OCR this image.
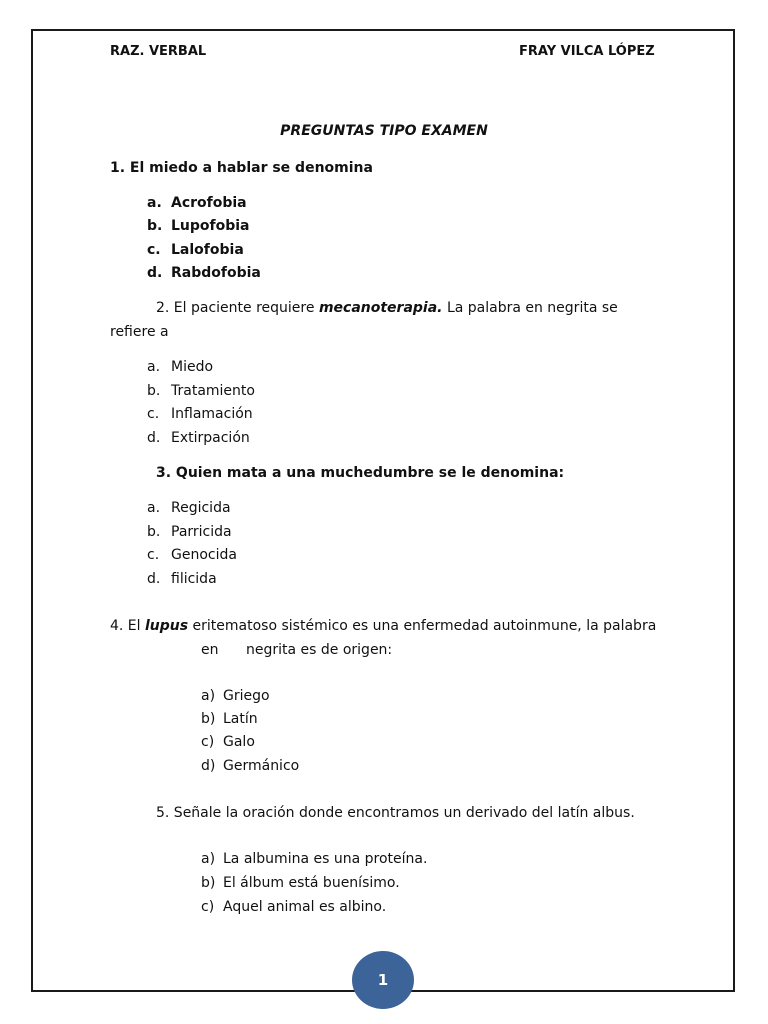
RAZ. VERBAL	FRAY VILCA LÓPEZ
PREGUNTAS TIPO EXAMEN
1. El miedo a hablar se denomina
a. Acrofobia
b. Lupofobia
c. Lalofobia
d. Rabdofobia
2. El paciente requiere mecanoterapia. La palabra en negrita se
refiere a
a. Miedo
b. Tratamiento
c. Inflamación
d. Extirpación
3. Quien mata a una muchedumbre se le denomina:
a. Regicida
b. Parricida
c. Genocida
d. filicida
4. El lupus eritematoso sistémico es una enfermedad autoinmune, la palabra
en negrita es de origen:
a) Griego
b) Latín
c) Galo
d) Germánico
5. Señale la oración donde encontramos un derivado del latín albus.
a) La albumina es una proteína.
b) El álbum está buenísimo.
c) Aquel animal es albino.
1
